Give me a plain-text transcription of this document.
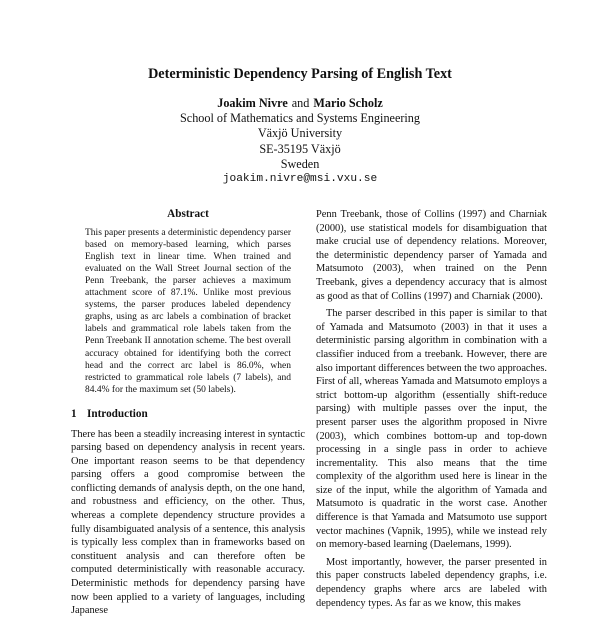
Deterministic Dependency Parsing of English Text
Joakim Nivre and Mario Scholz
School of Mathematics and Systems Engineering
Växjö University
SE-35195 Växjö
Sweden
joakim.nivre@msi.vxu.se
Abstract

This paper presents a deterministic dependency parser based on memory-based learning, which parses English text in linear time. When trained and evaluated on the Wall Street Journal section of the Penn Treebank, the parser achieves a maximum attachment score of 87.1%. Unlike most previous systems, the parser produces labeled dependency graphs, using as arc labels a combination of bracket labels and grammatical role labels taken from the Penn Treebank II annotation scheme. The best overall accuracy obtained for identifying both the correct head and the correct arc label is 86.0%, when restricted to grammatical role labels (7 labels), and 84.4% for the maximum set (50 labels).

1 Introduction

There has been a steadily increasing interest in syntactic parsing based on dependency analysis in recent years. One important reason seems to be that dependency parsing offers a good compromise between the conflicting demands of analysis depth, on the one hand, and robustness and efficiency, on the other. Thus, whereas a complete dependency structure provides a fully disambiguated analysis of a sentence, this analysis is typically less complex than in frameworks based on constituent analysis and can therefore often be computed deterministically with reasonable accuracy. Deterministic methods for dependency parsing have now been applied to a variety of languages, including Japanese

Penn Treebank, those of Collins (1997) and Charniak (2000), use statistical models for disambiguation that make crucial use of dependency relations. Moreover, the deterministic dependency parser of Yamada and Matsumoto (2003), when trained on the Penn Treebank, gives a dependency accuracy that is almost as good as that of Collins (1997) and Charniak (2000).

The parser described in this paper is similar to that of Yamada and Matsumoto (2003) in that it uses a deterministic parsing algorithm in combination with a classifier induced from a treebank. However, there are also important differences between the two approaches. First of all, whereas Yamada and Matsumoto employs a strict bottom-up algorithm (essentially shift-reduce parsing) with multiple passes over the input, the present parser uses the algorithm proposed in Nivre (2003), which combines bottom-up and top-down processing in a single pass in order to achieve incrementality. This also means that the time complexity of the algorithm used here is linear in the size of the input, while the algorithm of Yamada and Matsumoto is quadratic in the worst case. Another difference is that Yamada and Matsumoto use support vector machines (Vapnik, 1995), while we instead rely on memory-based learning (Daelemans, 1999).

Most importantly, however, the parser presented in this paper constructs labeled dependency graphs, i.e. dependency graphs where arcs are labeled with dependency types. As far as we know, this makes
